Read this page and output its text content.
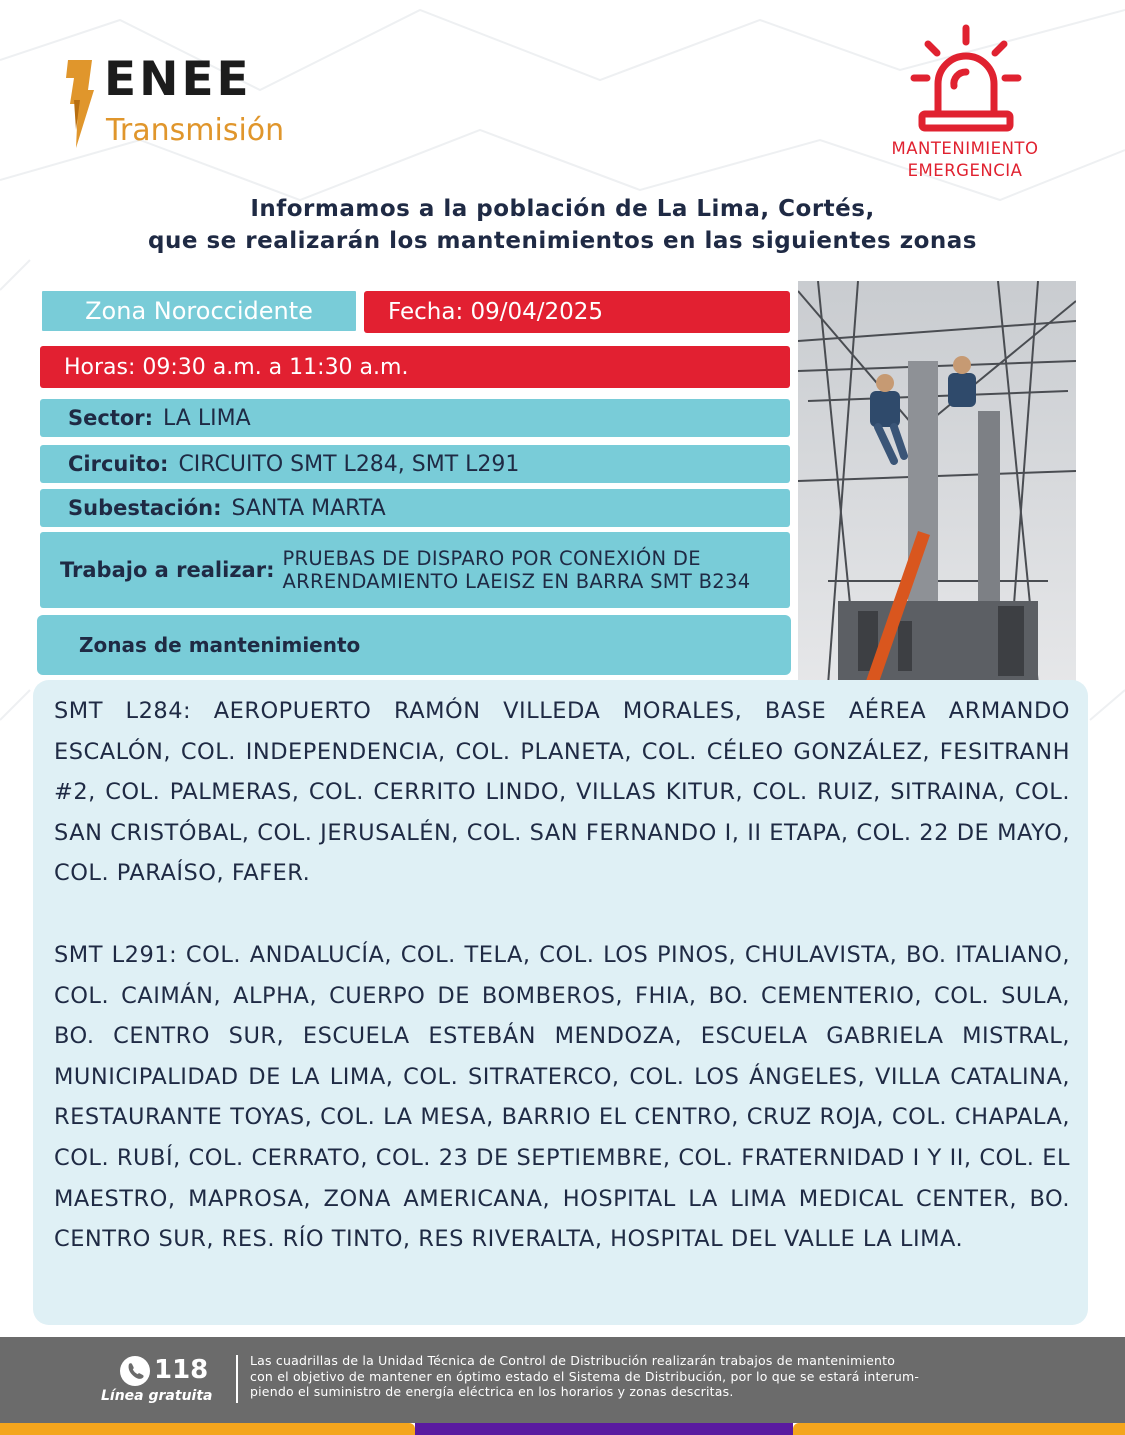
ENEE
Transmisión
MANTENIMIENTO
EMERGENCIA
Informamos a la población de La Lima, Cortés,
que se realizarán los mantenimientos en las siguientes zonas
Zona Noroccidente	Fecha: 09/04/2025
Horas: 09:30 a.m. a 11:30 a.m.
Sector: LA LIMA
Circuito: CIRCUITO SMT L284, SMT L291
Subestación: SANTA MARTA
Trabajo a realizar: PRUEBAS DE DISPARO POR CONEXIÓN DE
ARRENDAMIENTO LAEISZ EN BARRA SMT B234
Zonas de mantenimiento
SMT L284: AEROPUERTO RAMÓN VILLEDA MORALES, BASE AÉREA ARMANDO ESCALÓN, COL. INDEPENDENCIA, COL. PLANETA, COL. CÉLEO GONZÁLEZ, FESITRANH #2, COL. PALMERAS, COL. CERRITO LINDO, VILLAS KITUR, COL. RUIZ, SITRAINA, COL. SAN CRISTÓBAL, COL. JERUSALÉN, COL. SAN FERNANDO I, II ETAPA, COL. 22 DE MAYO, COL. PARAÍSO, FAFER.
SMT L291: COL. ANDALUCÍA, COL. TELA, COL. LOS PINOS, CHULAVISTA, BO. ITALIANO, COL. CAIMÁN, ALPHA, CUERPO DE BOMBEROS, FHIA, BO. CEMENTERIO, COL. SULA, BO. CENTRO SUR, ESCUELA ESTEBÁN MENDOZA, ESCUELA GABRIELA MISTRAL, MUNICIPALIDAD DE LA LIMA, COL. SITRATERCO, COL. LOS ÁNGELES, VILLA CATALINA, RESTAURANTE TOYAS, COL. LA MESA, BARRIO EL CENTRO, CRUZ ROJA, COL. CHAPALA, COL. RUBÍ, COL. CERRATO, COL. 23 DE SEPTIEMBRE, COL. FRATERNIDAD I Y II, COL. EL MAESTRO, MAPROSA, ZONA AMERICANA, HOSPITAL LA LIMA MEDICAL CENTER, BO. CENTRO SUR, RES. RÍO TINTO, RES RIVERALTA, HOSPITAL DEL VALLE LA LIMA.
118
Línea gratuita
Las cuadrillas de la Unidad Técnica de Control de Distribución realizarán trabajos de mantenimiento
con el objetivo de mantener en óptimo estado el Sistema de Distribución, por lo que se estará interum-
piendo el suministro de energía eléctrica en los horarios y zonas descritas.
